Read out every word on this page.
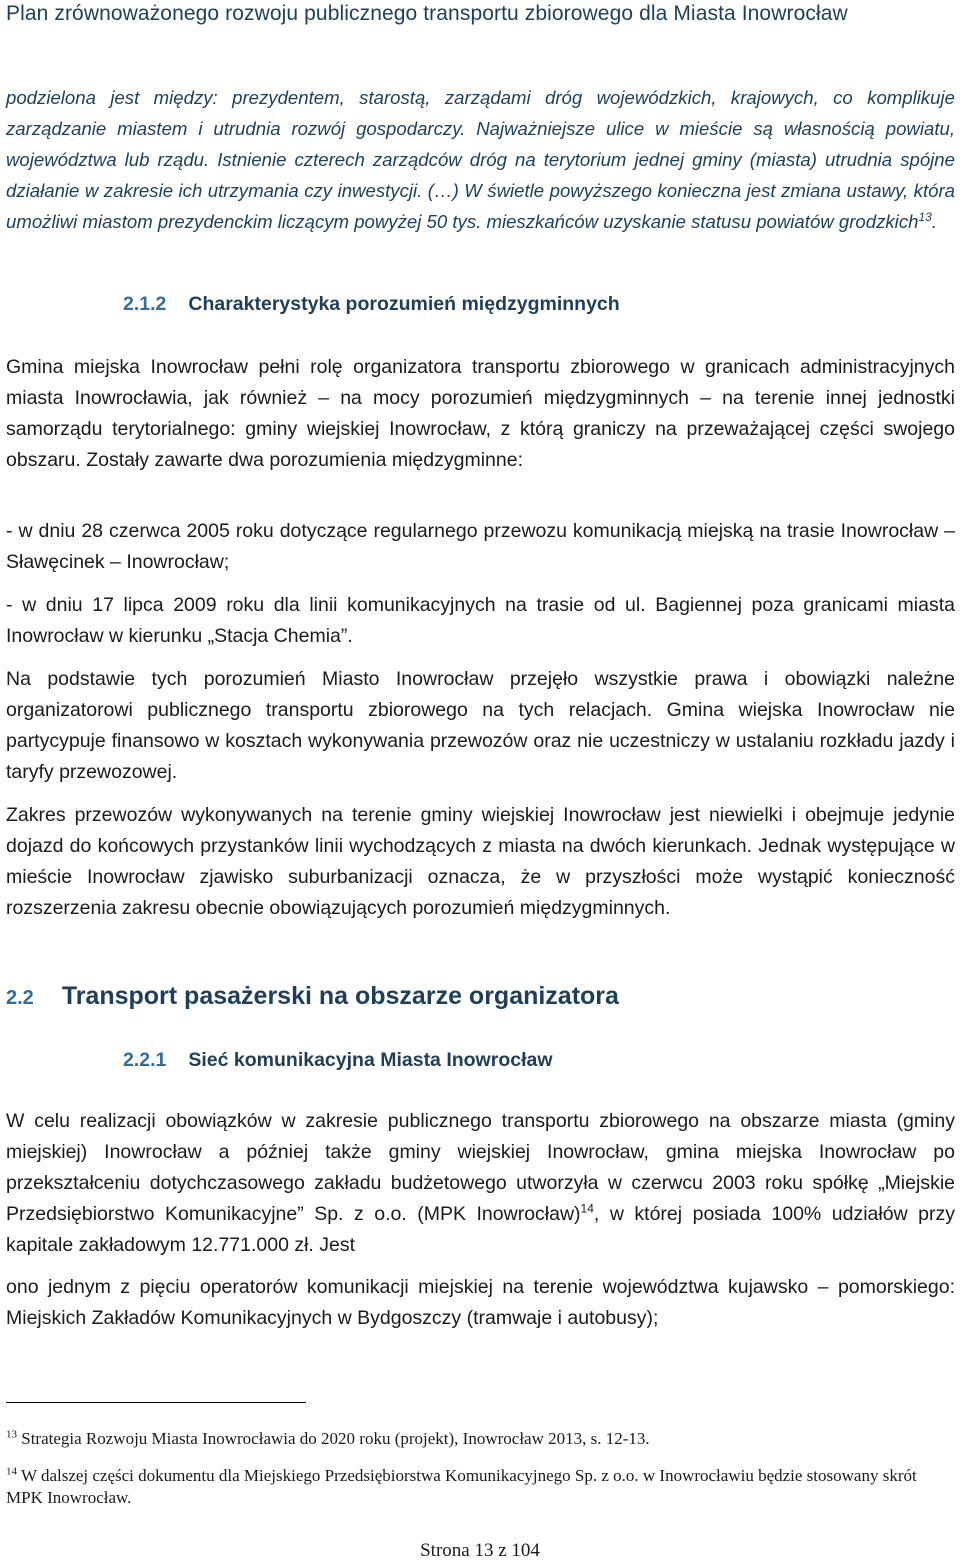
Plan zrównoważonego rozwoju publicznego transportu zbiorowego dla Miasta Inowrocław
podzielona jest między: prezydentem, starostą, zarządami dróg wojewódzkich, krajowych, co komplikuje zarządzanie miastem i utrudnia rozwój gospodarczy. Najważniejsze ulice w mieście są własnością powiatu, województwa lub rządu. Istnienie czterech zarządców dróg na terytorium jednej gminy (miasta) utrudnia spójne działanie w zakresie ich utrzymania czy inwestycji. (…) W świetle powyższego konieczna jest zmiana ustawy, która umożliwi miastom prezydenckim liczącym powyżej 50 tys. mieszkańców uzyskanie statusu powiatów grodzkich$^{13}$.
2.1.2 Charakterystyka porozumień międzygminnych
Gmina miejska Inowrocław pełni rolę organizatora transportu zbiorowego w granicach administracyjnych miasta Inowrocławia, jak również – na mocy porozumień międzygminnych – na terenie innej jednostki samorządu terytorialnego: gminy wiejskiej Inowrocław, z którą graniczy na przeważającej części swojego obszaru. Zostały zawarte dwa porozumienia międzygminne:
- w dniu 28 czerwca 2005 roku dotyczące regularnego przewozu komunikacją miejską na trasie Inowrocław – Sławęcinek – Inowrocław;
- w dniu 17 lipca 2009 roku dla linii komunikacyjnych na trasie od ul. Bagiennej poza granicami miasta Inowrocław w kierunku „Stacja Chemia”.
Na podstawie tych porozumień Miasto Inowrocław przejęło wszystkie prawa i obowiązki należne organizatorowi publicznego transportu zbiorowego na tych relacjach. Gmina wiejska Inowrocław nie partycypuje finansowo w kosztach wykonywania przewozów oraz nie uczestniczy w ustalaniu rozkładu jazdy i taryfy przewozowej.
Zakres przewozów wykonywanych na terenie gminy wiejskiej Inowrocław jest niewielki i obejmuje jedynie dojazd do końcowych przystanków linii wychodzących z miasta na dwóch kierunkach. Jednak występujące w mieście Inowrocław zjawisko suburbanizacji oznacza, że w przyszłości może wystąpić konieczność rozszerzenia zakresu obecnie obowiązujących porozumień międzygminnych.
2.2 Transport pasażerski na obszarze organizatora
2.2.1 Sieć komunikacyjna Miasta Inowrocław
W celu realizacji obowiązków w zakresie publicznego transportu zbiorowego na obszarze miasta (gminy miejskiej) Inowrocław a później także gminy wiejskiej Inowrocław, gmina miejska Inowrocław po przekształceniu dotychczasowego zakładu budżetowego utworzyła w czerwcu 2003 roku spółkę „Miejskie Przedsiębiorstwo Komunikacyjne” Sp. z o.o. (MPK Inowrocław)$^{14}$, w której posiada 100% udziałów przy kapitale zakładowym 12.771.000 zł. Jest
ono jednym z pięciu operatorów komunikacji miejskiej na terenie województwa kujawsko – pomorskiego: Miejskich Zakładów Komunikacyjnych w Bydgoszczy (tramwaje i autobusy);
$^{13}$ Strategia Rozwoju Miasta Inowrocławia do 2020 roku (projekt), Inowrocław 2013, s. 12-13.
$^{14}$ W dalszej części dokumentu dla Miejskiego Przedsiębiorstwa Komunikacyjnego Sp. z o.o. w Inowrocławiu będzie stosowany skrót MPK Inowrocław.
Strona 13 z 104
